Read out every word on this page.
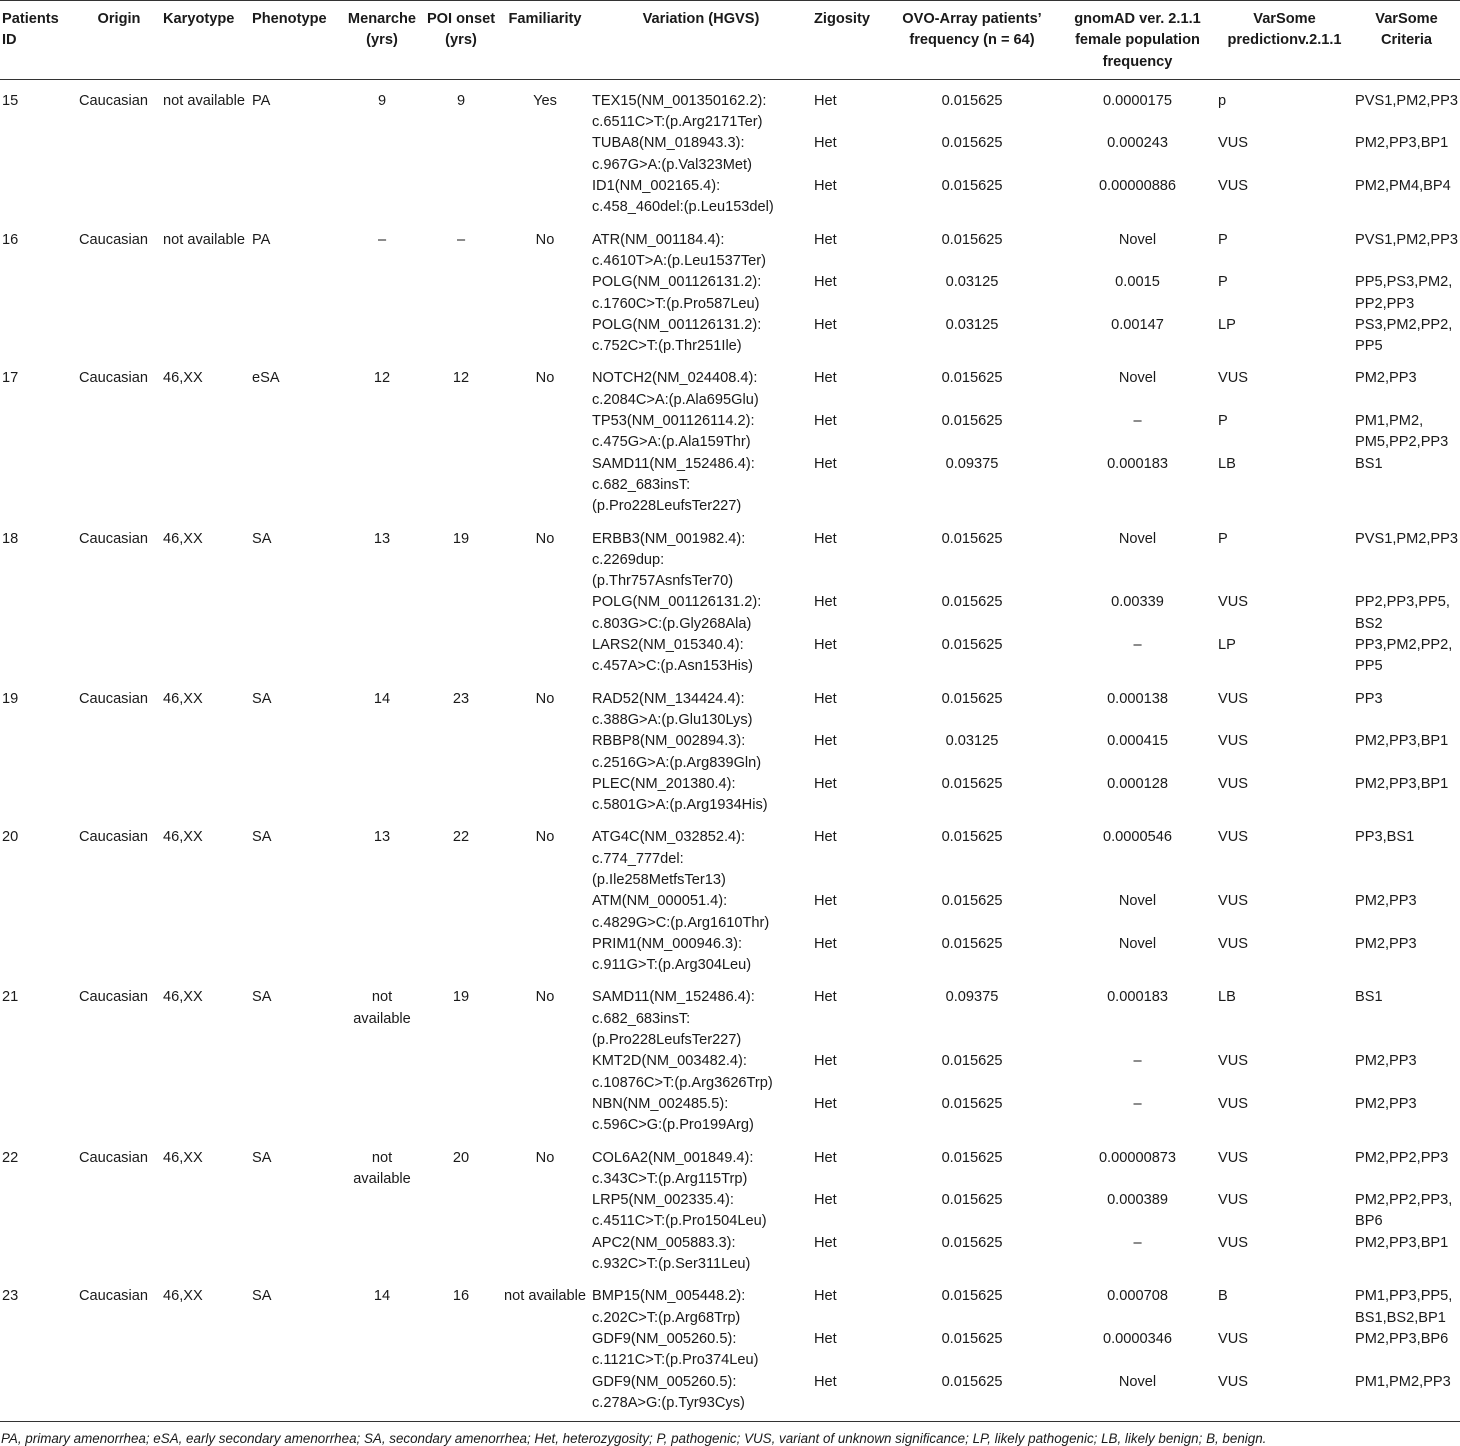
Patients ID	Origin	Karyotype	Phenotype	Menarche (yrs)	POI onset (yrs)	Familiarity	Variation (HGVS)	Zigosity	OVO-Array patients’ frequency (n = 64)	gnomAD ver. 2.1.1 female population frequency	VarSome predictionv.2.1.1	VarSome Criteria
15	Caucasian	not available	PA	9	9	Yes	TEX15(NM_001350162.2):
c.6511C>T:(p.Arg2171Ter)	Het	0.015625	0.0000175	p	PVS1,PM2,PP3
							TUBA8(NM_018943.3):
c.967G>A:(p.Val323Met)	Het	0.015625	0.000243	VUS	PM2,PP3,BP1
							ID1(NM_002165.4):
c.458_460del:(p.Leu153del)	Het	0.015625	0.00000886	VUS	PM2,PM4,BP4
16	Caucasian	not available	PA	–	–	No	ATR(NM_001184.4):
c.4610T>A:(p.Leu1537Ter)	Het	0.015625	Novel	P	PVS1,PM2,PP3
							POLG(NM_001126131.2):
c.1760C>T:(p.Pro587Leu)	Het	0.03125	0.0015	P	PP5,PS3,PM2,
PP2,PP3
							POLG(NM_001126131.2):
c.752C>T:(p.Thr251Ile)	Het	0.03125	0.00147	LP	PS3,PM2,PP2,
PP5
17	Caucasian	46,XX	eSA	12	12	No	NOTCH2(NM_024408.4):
c.2084C>A:(p.Ala695Glu)	Het	0.015625	Novel	VUS	PM2,PP3
							TP53(NM_001126114.2):
c.475G>A:(p.Ala159Thr)	Het	0.015625	–	P	PM1,PM2,
PM5,PP2,PP3
							SAMD11(NM_152486.4):
c.682_683insT:
(p.Pro228LeufsTer227)	Het	0.09375	0.000183	LB	BS1
18	Caucasian	46,XX	SA	13	19	No	ERBB3(NM_001982.4):
c.2269dup:
(p.Thr757AsnfsTer70)	Het	0.015625	Novel	P	PVS1,PM2,PP3
							POLG(NM_001126131.2):
c.803G>C:(p.Gly268Ala)	Het	0.015625	0.00339	VUS	PP2,PP3,PP5,
BS2
							LARS2(NM_015340.4):
c.457A>C:(p.Asn153His)	Het	0.015625	–	LP	PP3,PM2,PP2,
PP5
19	Caucasian	46,XX	SA	14	23	No	RAD52(NM_134424.4):
c.388G>A:(p.Glu130Lys)	Het	0.015625	0.000138	VUS	PP3
							RBBP8(NM_002894.3):
c.2516G>A:(p.Arg839Gln)	Het	0.03125	0.000415	VUS	PM2,PP3,BP1
							PLEC(NM_201380.4):
c.5801G>A:(p.Arg1934His)	Het	0.015625	0.000128	VUS	PM2,PP3,BP1
20	Caucasian	46,XX	SA	13	22	No	ATG4C(NM_032852.4):
c.774_777del:
(p.Ile258MetfsTer13)	Het	0.015625	0.0000546	VUS	PP3,BS1
							ATM(NM_000051.4):
c.4829G>C:(p.Arg1610Thr)	Het	0.015625	Novel	VUS	PM2,PP3
							PRIM1(NM_000946.3):
c.911G>T:(p.Arg304Leu)	Het	0.015625	Novel	VUS	PM2,PP3
21	Caucasian	46,XX	SA	not available	19	No	SAMD11(NM_152486.4):
c.682_683insT:
(p.Pro228LeufsTer227)	Het	0.09375	0.000183	LB	BS1
							KMT2D(NM_003482.4):
c.10876C>T:(p.Arg3626Trp)	Het	0.015625	–	VUS	PM2,PP3
							NBN(NM_002485.5):
c.596C>G:(p.Pro199Arg)	Het	0.015625	–	VUS	PM2,PP3
22	Caucasian	46,XX	SA	not available	20	No	COL6A2(NM_001849.4):
c.343C>T:(p.Arg115Trp)	Het	0.015625	0.00000873	VUS	PM2,PP2,PP3
							LRP5(NM_002335.4):
c.4511C>T:(p.Pro1504Leu)	Het	0.015625	0.000389	VUS	PM2,PP2,PP3,
BP6
							APC2(NM_005883.3):
c.932C>T:(p.Ser311Leu)	Het	0.015625	–	VUS	PM2,PP3,BP1
23	Caucasian	46,XX	SA	14	16	not available	BMP15(NM_005448.2):
c.202C>T:(p.Arg68Trp)	Het	0.015625	0.000708	B	PM1,PP3,PP5,
BS1,BS2,BP1
							GDF9(NM_005260.5):
c.1121C>T:(p.Pro374Leu)	Het	0.015625	0.0000346	VUS	PM2,PP3,BP6
							GDF9(NM_005260.5):
c.278A>G:(p.Tyr93Cys)	Het	0.015625	Novel	VUS	PM1,PM2,PP3
PA, primary amenorrhea; eSA, early secondary amenorrhea; SA, secondary amenorrhea; Het, heterozygosity; P, pathogenic; VUS, variant of unknown significance; LP, likely pathogenic; LB, likely benign; B, benign.
